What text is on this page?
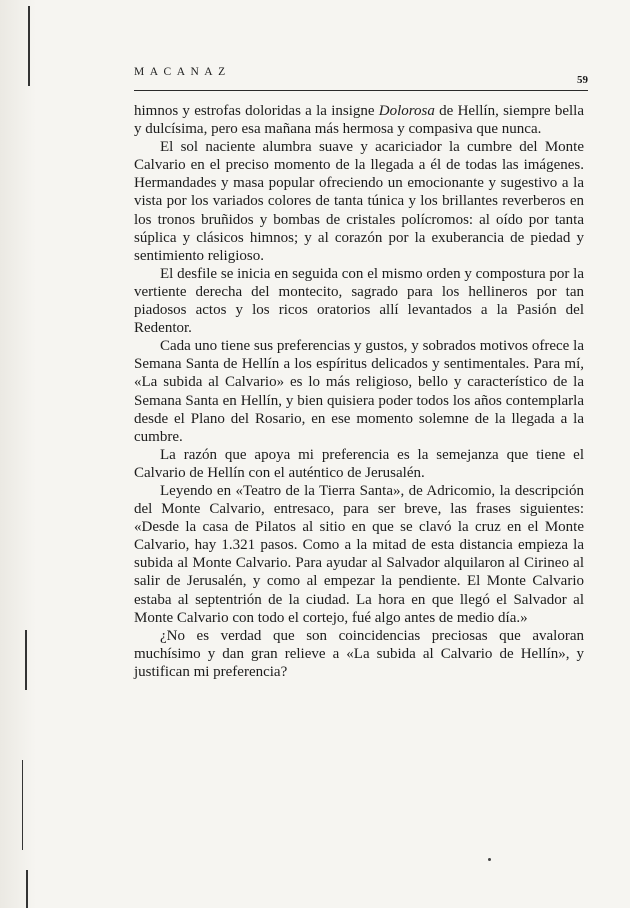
MACANAZ
59

himnos y estrofas doloridas a la insigne Dolorosa de Hellín, siempre bella y dulcísima, pero esa mañana más hermosa y compasiva que nunca.

El sol naciente alumbra suave y acariciador la cumbre del Monte Calvario en el preciso momento de la llegada a él de todas las imágenes. Hermandades y masa popular ofreciendo un emocionante y sugestivo a la vista por los variados colores de tanta túnica y los brillantes reverberos en los tronos bruñidos y bombas de cristales polícromos: al oído por tanta súplica y clásicos himnos; y al corazón por la exuberancia de piedad y sentimiento religioso.

El desfile se inicia en seguida con el mismo orden y compostura por la vertiente derecha del montecito, sagrado para los hellineros por tan piadosos actos y los ricos oratorios allí levantados a la Pasión del Redentor.

Cada uno tiene sus preferencias y gustos, y sobrados motivos ofrece la Semana Santa de Hellín a los espíritus delicados y sentimentales. Para mí, «La subida al Calvario» es lo más religioso, bello y característico de la Semana Santa en Hellín, y bien quisiera poder todos los años contemplarla desde el Plano del Rosario, en ese momento solemne de la llegada a la cumbre.

La razón que apoya mi preferencia es la semejanza que tiene el Calvario de Hellín con el auténtico de Jerusalén.

Leyendo en «Teatro de la Tierra Santa», de Adricomio, la descripción del Monte Calvario, entresaco, para ser breve, las frases siguientes: «Desde la casa de Pilatos al sitio en que se clavó la cruz en el Monte Calvario, hay 1.321 pasos. Como a la mitad de esta distancia empieza la subida al Monte Calvario. Para ayudar al Salvador alquilaron al Cirineo al salir de Jerusalén, y como al empezar la pendiente. El Monte Calvario estaba al septentrión de la ciudad. La hora en que llegó el Salvador al Monte Calvario con todo el cortejo, fué algo antes de medio día.»

¿No es verdad que son coincidencias preciosas que avaloran muchísimo y dan gran relieve a «La subida al Calvario de Hellín», y justifican mi preferencia?
